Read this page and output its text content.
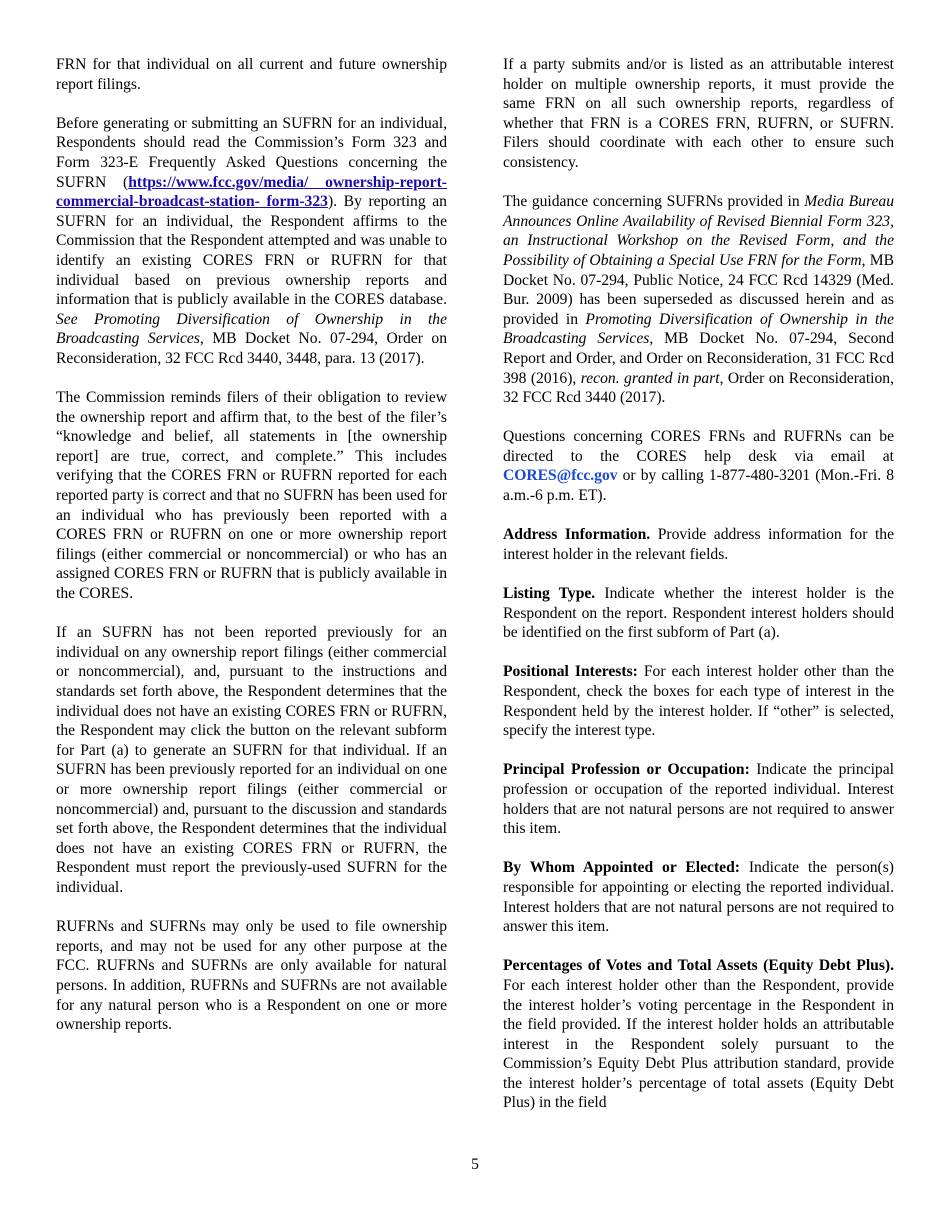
FRN for that individual on all current and future ownership report filings.

Before generating or submitting an SUFRN for an individual, Respondents should read the Commission’s Form 323 and Form 323-E Frequently Asked Questions concerning the SUFRN (https://www.fcc.gov/media/ ownership-report-commercial-broadcast-station- form-323). By reporting an SUFRN for an individual, the Respondent affirms to the Commission that the Respondent attempted and was unable to identify an existing CORES FRN or RUFRN for that individual based on previous ownership reports and information that is publicly available in the CORES database. See Promoting Diversification of Ownership in the Broadcasting Services, MB Docket No. 07-294, Order on Reconsideration, 32 FCC Rcd 3440, 3448, para. 13 (2017).

The Commission reminds filers of their obligation to review the ownership report and affirm that, to the best of the filer’s “knowledge and belief, all statements in [the ownership report] are true, correct, and complete.” This includes verifying that the CORES FRN or RUFRN reported for each reported party is correct and that no SUFRN has been used for an individual who has previously been reported with a CORES FRN or RUFRN on one or more ownership report filings (either commercial or noncommercial) or who has an assigned CORES FRN or RUFRN that is publicly available in the CORES.

If an SUFRN has not been reported previously for an individual on any ownership report filings (either commercial or noncommercial), and, pursuant to the instructions and standards set forth above, the Respondent determines that the individual does not have an existing CORES FRN or RUFRN, the Respondent may click the button on the relevant subform for Part (a) to generate an SUFRN for that individual. If an SUFRN has been previously reported for an individual on one or more ownership report filings (either commercial or noncommercial) and, pursuant to the discussion and standards set forth above, the Respondent determines that the individual does not have an existing CORES FRN or RUFRN, the Respondent must report the previously-used SUFRN for the individual.

RUFRNs and SUFRNs may only be used to file ownership reports, and may not be used for any other purpose at the FCC. RUFRNs and SUFRNs are only available for natural persons. In addition, RUFRNs and SUFRNs are not available for any natural person who is a Respondent on one or more ownership reports.

If a party submits and/or is listed as an attributable interest holder on multiple ownership reports, it must provide the same FRN on all such ownership reports, regardless of whether that FRN is a CORES FRN, RUFRN, or SUFRN. Filers should coordinate with each other to ensure such consistency.

The guidance concerning SUFRNs provided in Media Bureau Announces Online Availability of Revised Biennial Form 323, an Instructional Workshop on the Revised Form, and the Possibility of Obtaining a Special Use FRN for the Form, MB Docket No. 07-294, Public Notice, 24 FCC Rcd 14329 (Med. Bur. 2009) has been superseded as discussed herein and as provided in Promoting Diversification of Ownership in the Broadcasting Services, MB Docket No. 07-294, Second Report and Order, and Order on Reconsideration, 31 FCC Rcd 398 (2016), recon. granted in part, Order on Reconsideration, 32 FCC Rcd 3440 (2017).

Questions concerning CORES FRNs and RUFRNs can be directed to the CORES help desk via email at CORES@fcc.gov or by calling 1-877-480-3201 (Mon.-Fri. 8 a.m.-6 p.m. ET).

Address Information. Provide address information for the interest holder in the relevant fields.

Listing Type. Indicate whether the interest holder is the Respondent on the report. Respondent interest holders should be identified on the first subform of Part (a).

Positional Interests: For each interest holder other than the Respondent, check the boxes for each type of interest in the Respondent held by the interest holder. If “other” is selected, specify the interest type.

Principal Profession or Occupation: Indicate the principal profession or occupation of the reported individual. Interest holders that are not natural persons are not required to answer this item.

By Whom Appointed or Elected: Indicate the person(s) responsible for appointing or electing the reported individual. Interest holders that are not natural persons are not required to answer this item.

Percentages of Votes and Total Assets (Equity Debt Plus). For each interest holder other than the Respondent, provide the interest holder’s voting percentage in the Respondent in the field provided. If the interest holder holds an attributable interest in the Respondent solely pursuant to the Commission’s Equity Debt Plus attribution standard, provide the interest holder’s percentage of total assets (Equity Debt Plus) in the field

5
